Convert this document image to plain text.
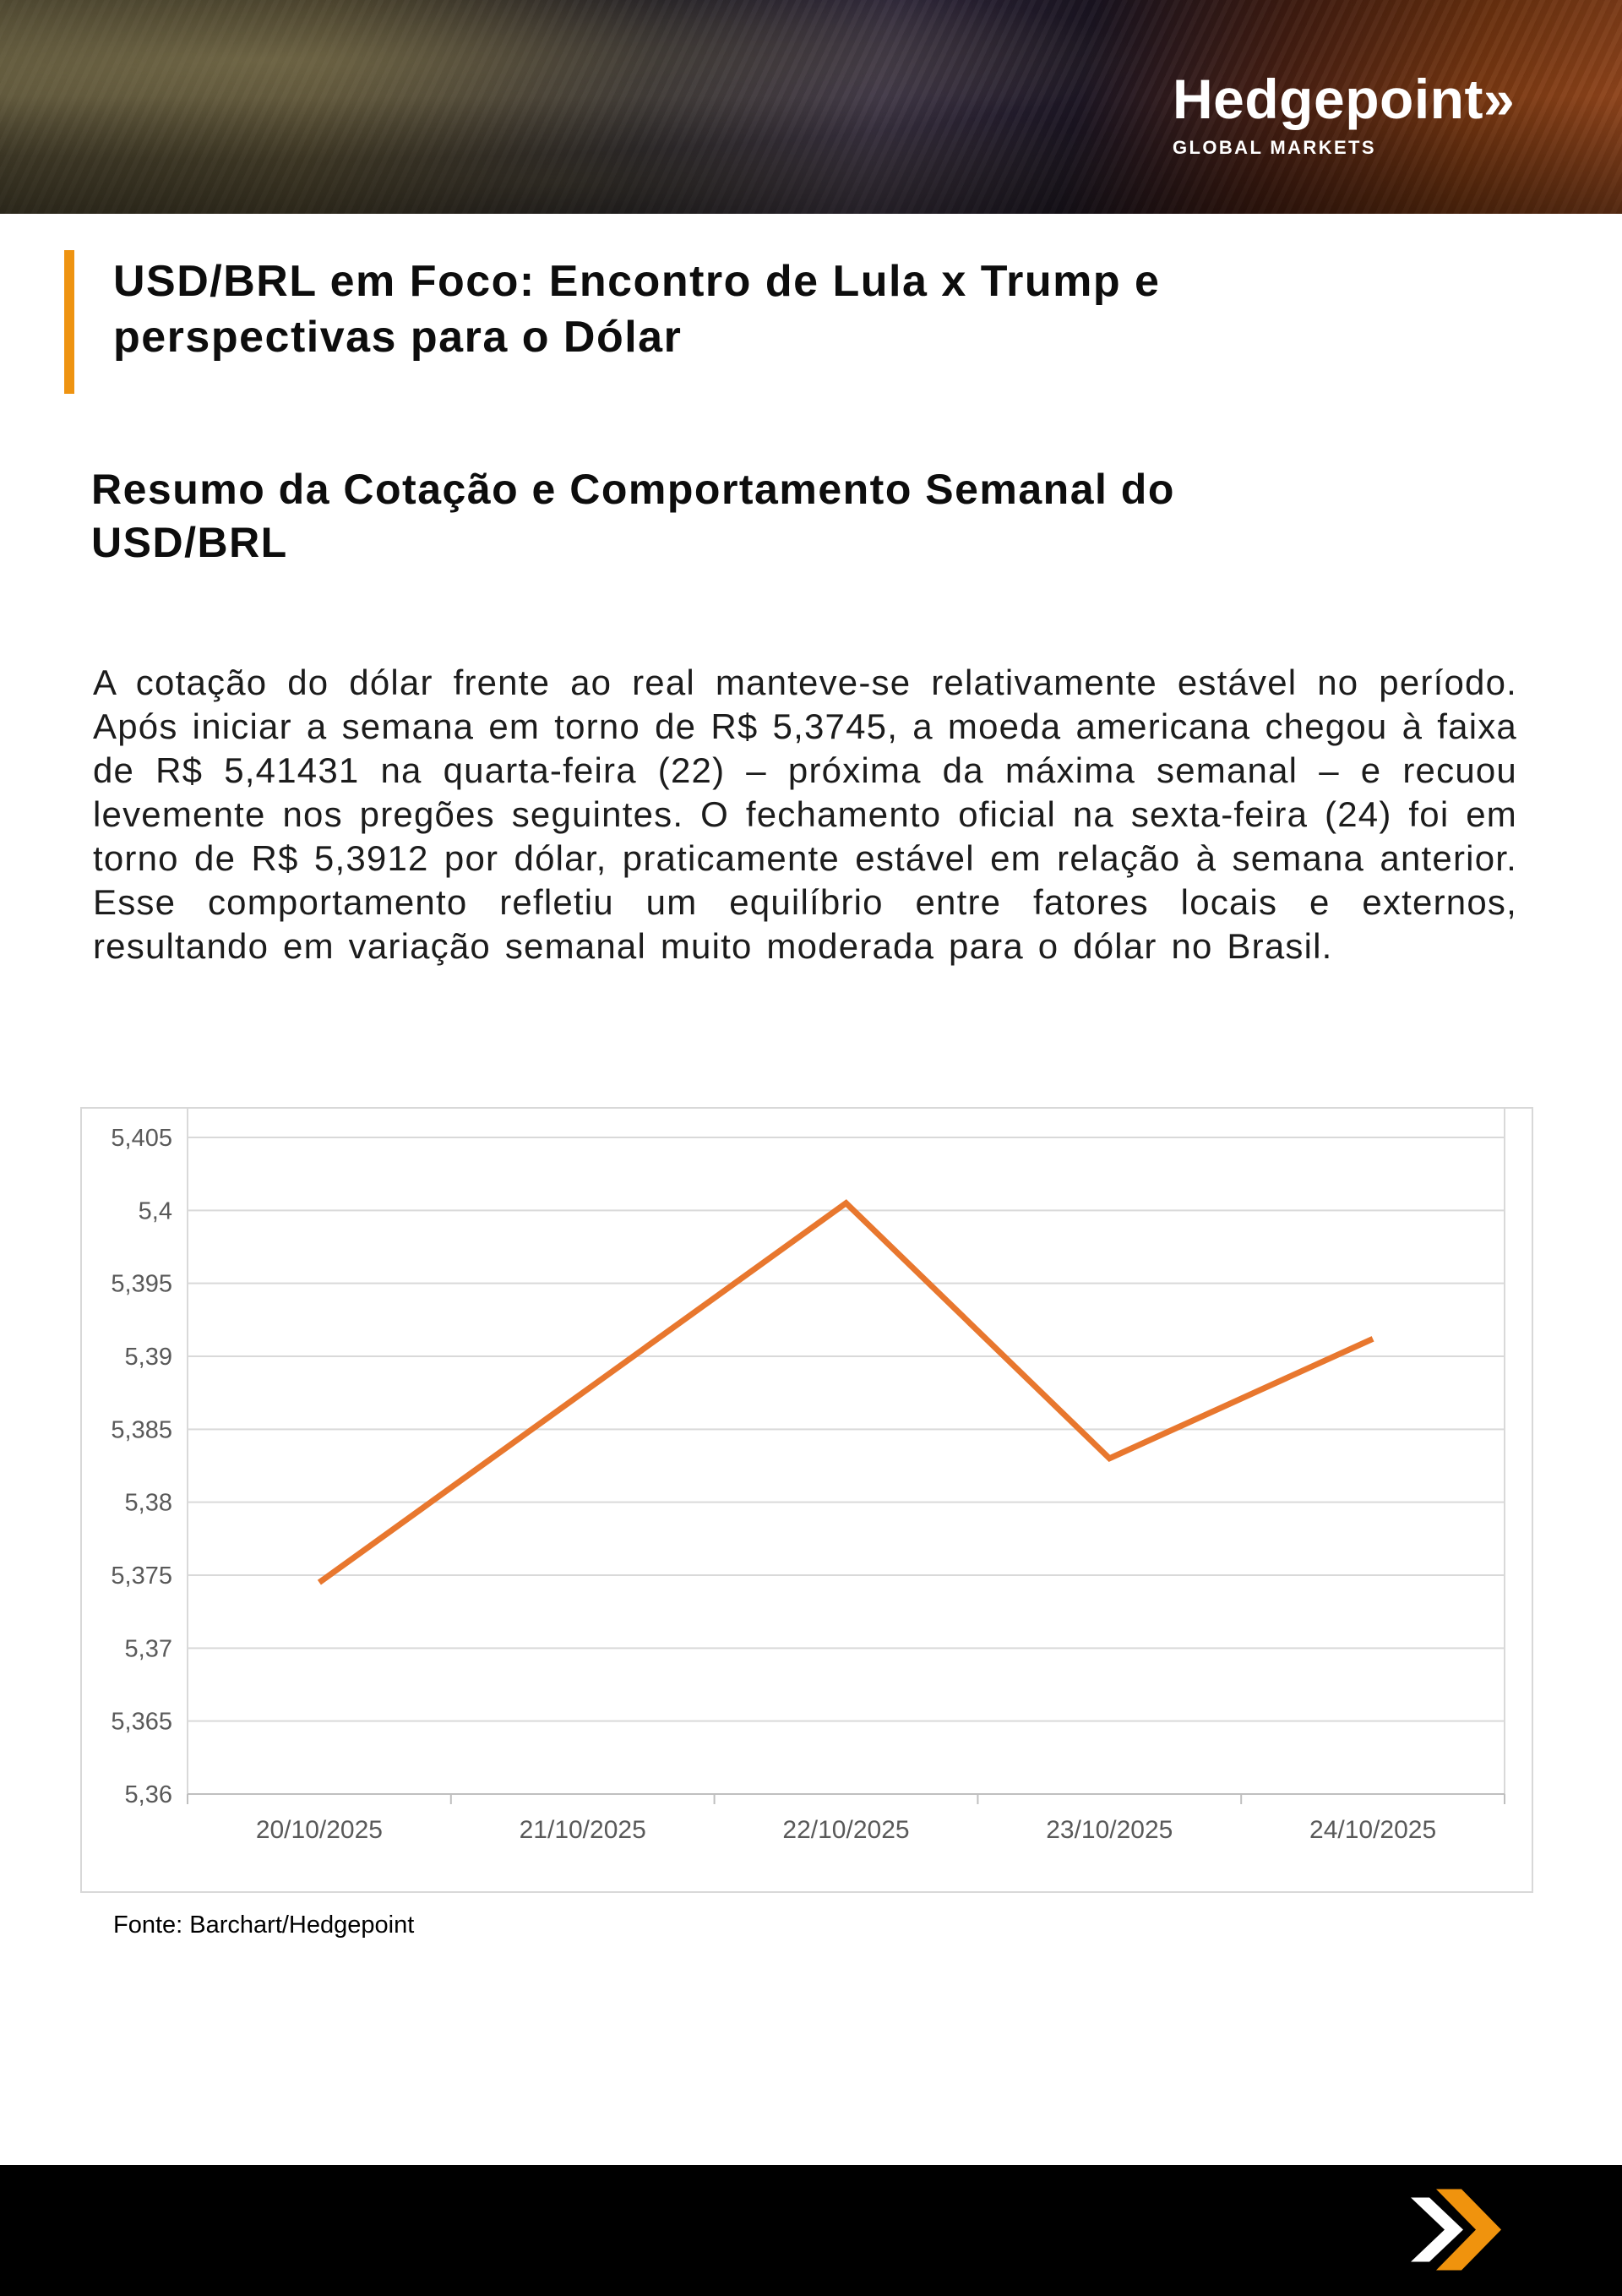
Hedgepoint»
GLOBAL MARKETS
USD/BRL em Foco: Encontro de Lula x Trump e perspectivas para o Dólar
Resumo da Cotação e Comportamento Semanal do USD/BRL

A cotação do dólar frente ao real manteve-se relativamente estável no período. Após iniciar a semana em torno de R$ 5,3745, a moeda americana chegou à faixa de R$ 5,41431 na quarta-feira (22) – próxima da máxima semanal – e recuou levemente nos pregões seguintes. O fechamento oficial na sexta-feira (24) foi em torno de R$ 5,3912 por dólar, praticamente estável em relação à semana anterior. Esse comportamento refletiu um equilíbrio entre fatores locais e externos, resultando em variação semanal muito moderada para o dólar no Brasil.

5,36
5,365
5,37
5,375
5,38
5,385
5,39
5,395
5,4
5,405
20/10/2025	21/10/2025	22/10/2025	23/10/2025	24/10/2025

Fonte: Barchart/Hedgepoint
